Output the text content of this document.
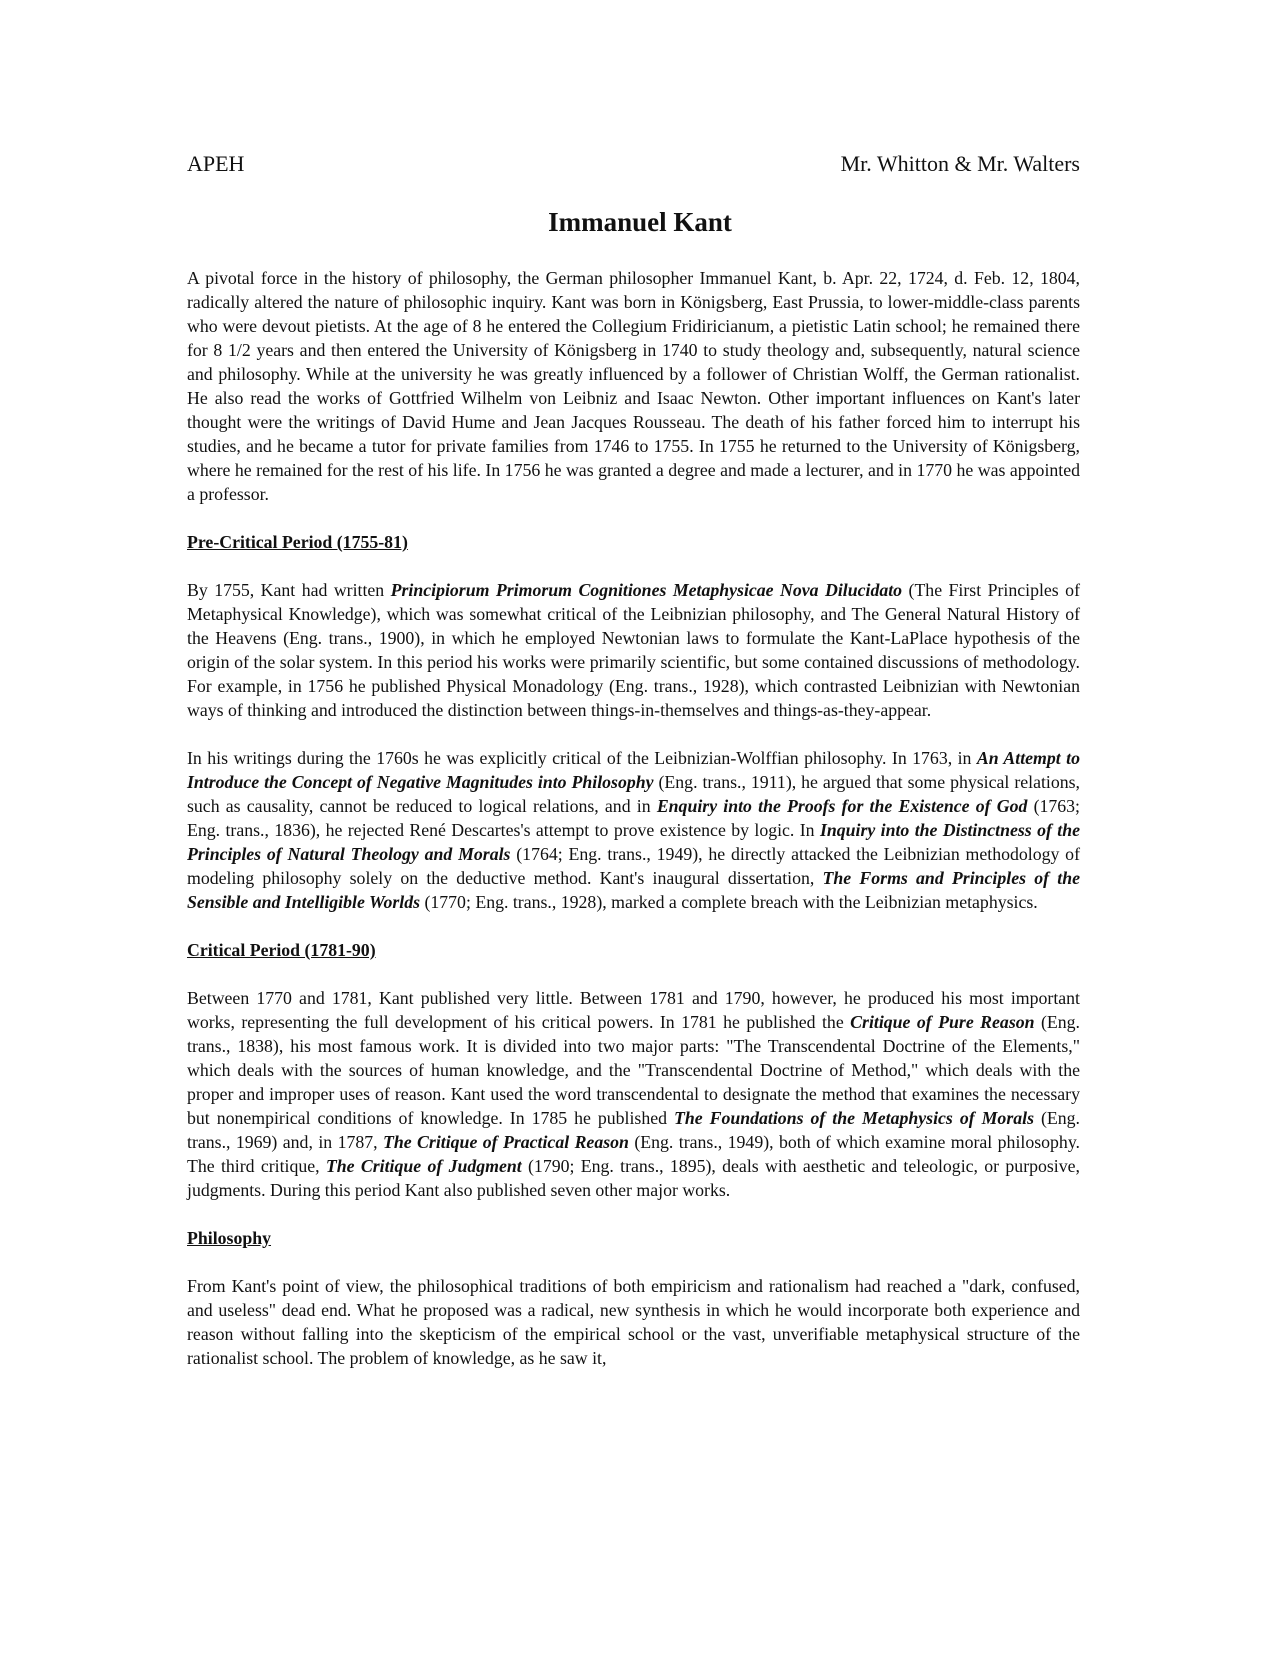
APEH	Mr. Whitton & Mr. Walters
Immanuel Kant

A pivotal force in the history of philosophy, the German philosopher Immanuel Kant, b. Apr. 22, 1724, d. Feb. 12, 1804, radically altered the nature of philosophic inquiry. Kant was born in Königsberg, East Prussia, to lower-middle-class parents who were devout pietists. At the age of 8 he entered the Collegium Fridiricianum, a pietistic Latin school; he remained there for 8 1/2 years and then entered the University of Königsberg in 1740 to study theology and, subsequently, natural science and philosophy. While at the university he was greatly influenced by a follower of Christian Wolff, the German rationalist. He also read the works of Gottfried Wilhelm von Leibniz and Isaac Newton. Other important influences on Kant's later thought were the writings of David Hume and Jean Jacques Rousseau. The death of his father forced him to interrupt his studies, and he became a tutor for private families from 1746 to 1755. In 1755 he returned to the University of Königsberg, where he remained for the rest of his life. In 1756 he was granted a degree and made a lecturer, and in 1770 he was appointed a professor.

Pre-Critical Period (1755-81)

By 1755, Kant had written Principiorum Primorum Cognitiones Metaphysicae Nova Dilucidato (The First Principles of Metaphysical Knowledge), which was somewhat critical of the Leibnizian philosophy, and The General Natural History of the Heavens (Eng. trans., 1900), in which he employed Newtonian laws to formulate the Kant-LaPlace hypothesis of the origin of the solar system. In this period his works were primarily scientific, but some contained discussions of methodology. For example, in 1756 he published Physical Monadology (Eng. trans., 1928), which contrasted Leibnizian with Newtonian ways of thinking and introduced the distinction between things-in-themselves and things-as-they-appear.

In his writings during the 1760s he was explicitly critical of the Leibnizian-Wolffian philosophy. In 1763, in An Attempt to Introduce the Concept of Negative Magnitudes into Philosophy (Eng. trans., 1911), he argued that some physical relations, such as causality, cannot be reduced to logical relations, and in Enquiry into the Proofs for the Existence of God (1763; Eng. trans., 1836), he rejected René Descartes's attempt to prove existence by logic. In Inquiry into the Distinctness of the Principles of Natural Theology and Morals (1764; Eng. trans., 1949), he directly attacked the Leibnizian methodology of modeling philosophy solely on the deductive method. Kant's inaugural dissertation, The Forms and Principles of the Sensible and Intelligible Worlds (1770; Eng. trans., 1928), marked a complete breach with the Leibnizian metaphysics.

Critical Period (1781-90)

Between 1770 and 1781, Kant published very little. Between 1781 and 1790, however, he produced his most important works, representing the full development of his critical powers. In 1781 he published the Critique of Pure Reason (Eng. trans., 1838), his most famous work. It is divided into two major parts: "The Transcendental Doctrine of the Elements," which deals with the sources of human knowledge, and the "Transcendental Doctrine of Method," which deals with the proper and improper uses of reason. Kant used the word transcendental to designate the method that examines the necessary but nonempirical conditions of knowledge. In 1785 he published The Foundations of the Metaphysics of Morals (Eng. trans., 1969) and, in 1787, The Critique of Practical Reason (Eng. trans., 1949), both of which examine moral philosophy. The third critique, The Critique of Judgment (1790; Eng. trans., 1895), deals with aesthetic and teleologic, or purposive, judgments. During this period Kant also published seven other major works.

Philosophy

From Kant's point of view, the philosophical traditions of both empiricism and rationalism had reached a "dark, confused, and useless" dead end. What he proposed was a radical, new synthesis in which he would incorporate both experience and reason without falling into the skepticism of the empirical school or the vast, unverifiable metaphysical structure of the rationalist school. The problem of knowledge, as he saw it,
